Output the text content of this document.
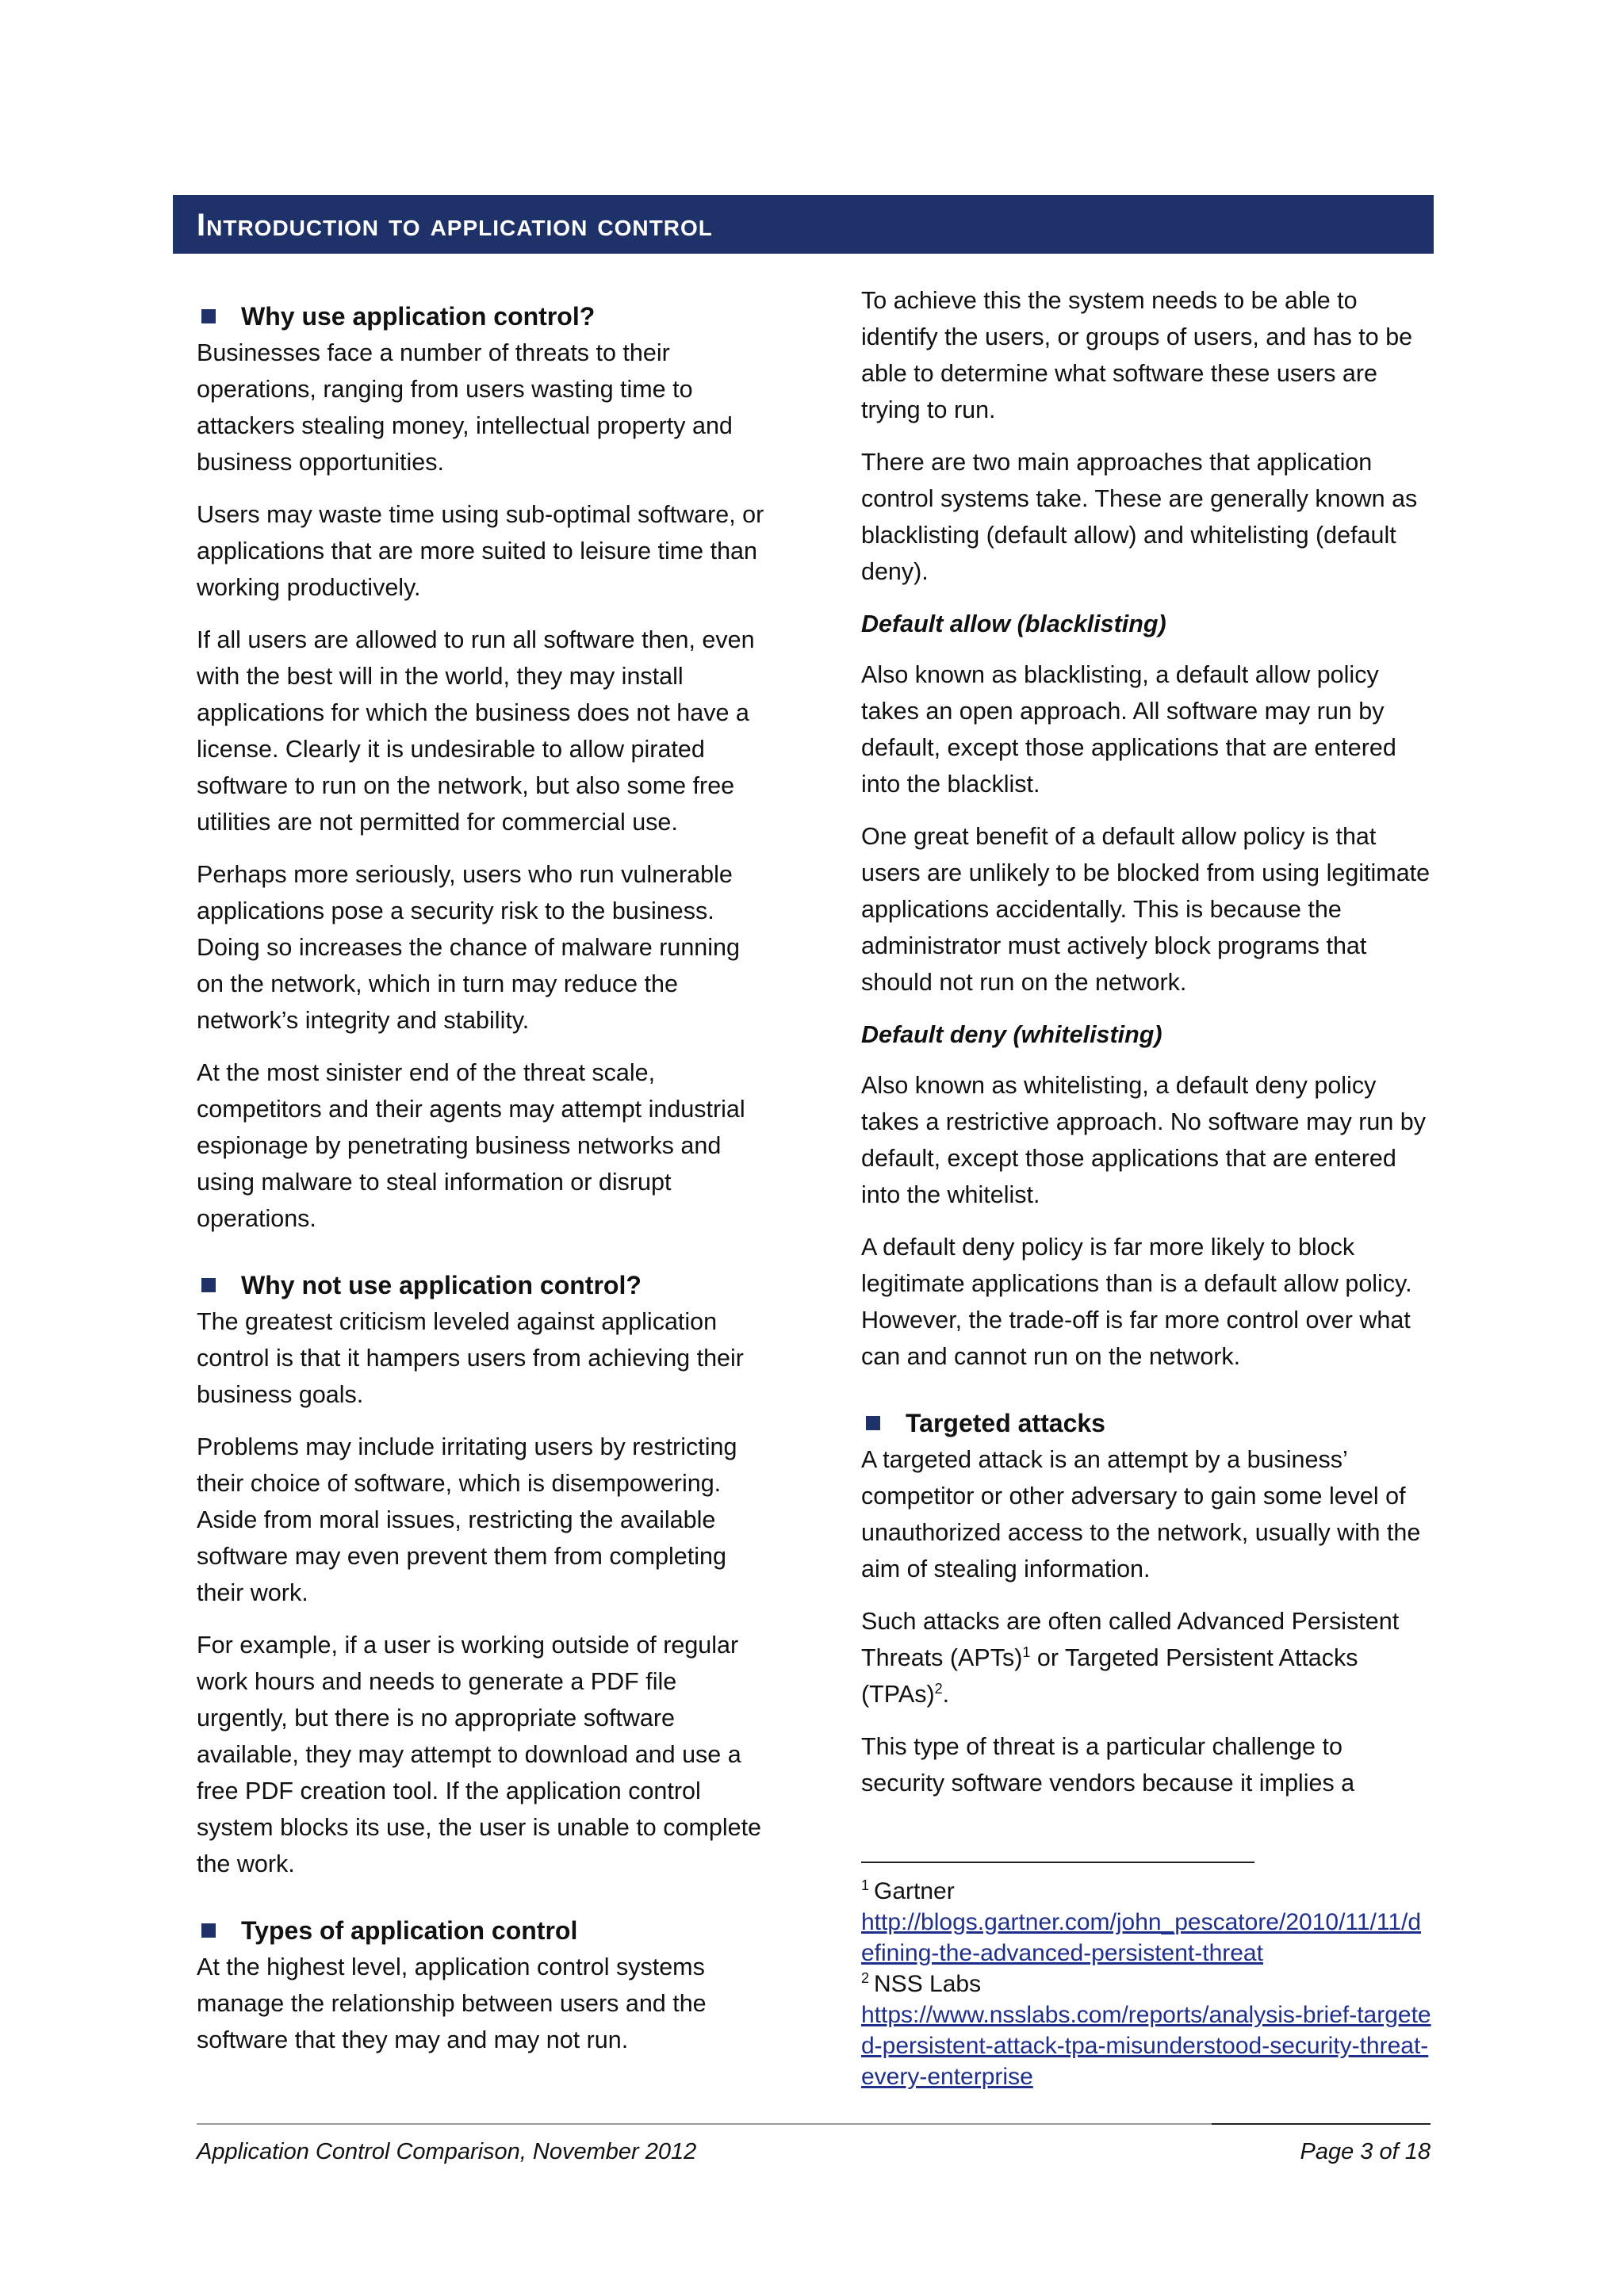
Introduction to application control
Why use application control?

Businesses face a number of threats to their operations, ranging from users wasting time to attackers stealing money, intellectual property and business opportunities.

Users may waste time using sub-optimal software, or applications that are more suited to leisure time than working productively.

If all users are allowed to run all software then, even with the best will in the world, they may install applications for which the business does not have a license. Clearly it is undesirable to allow pirated software to run on the network, but also some free utilities are not permitted for commercial use.

Perhaps more seriously, users who run vulnerable applications pose a security risk to the business. Doing so increases the chance of malware running on the network, which in turn may reduce the network’s integrity and stability.

At the most sinister end of the threat scale, competitors and their agents may attempt industrial espionage by penetrating business networks and using malware to steal information or disrupt operations.

Why not use application control?

The greatest criticism leveled against application control is that it hampers users from achieving their business goals.

Problems may include irritating users by restricting their choice of software, which is disempowering. Aside from moral issues, restricting the available software may even prevent them from completing their work.

For example, if a user is working outside of regular work hours and needs to generate a PDF file urgently, but there is no appropriate software available, they may attempt to download and use a free PDF creation tool. If the application control system blocks its use, the user is unable to complete the work.

Types of application control

At the highest level, application control systems manage the relationship between users and the software that they may and may not run.

To achieve this the system needs to be able to identify the users, or groups of users, and has to be able to determine what software these users are trying to run.

There are two main approaches that application control systems take. These are generally known as blacklisting (default allow) and whitelisting (default deny).

Default allow (blacklisting)

Also known as blacklisting, a default allow policy takes an open approach. All software may run by default, except those applications that are entered into the blacklist.

One great benefit of a default allow policy is that users are unlikely to be blocked from using legitimate applications accidentally. This is because the administrator must actively block programs that should not run on the network.

Default deny (whitelisting)

Also known as whitelisting, a default deny policy takes a restrictive approach. No software may run by default, except those applications that are entered into the whitelist.

A default deny policy is far more likely to block legitimate applications than is a default allow policy. However, the trade-off is far more control over what can and cannot run on the network.

Targeted attacks

A targeted attack is an attempt by a business’ competitor or other adversary to gain some level of unauthorized access to the network, usually with the aim of stealing information.

Such attacks are often called Advanced Persistent Threats (APTs)$^1$ or Targeted Persistent Attacks (TPAs)$^2$.

This type of threat is a particular challenge to security software vendors because it implies a

$^1$ Gartner
http://blogs.gartner.com/john_pescatore/2010/11/11/defining-the-advanced-persistent-threat
$^2$ NSS Labs
https://www.nsslabs.com/reports/analysis-brief-targeted-persistent-attack-tpa-misunderstood-security-threat-every-enterprise
Application Control Comparison, November 2012	Page 3 of 18
